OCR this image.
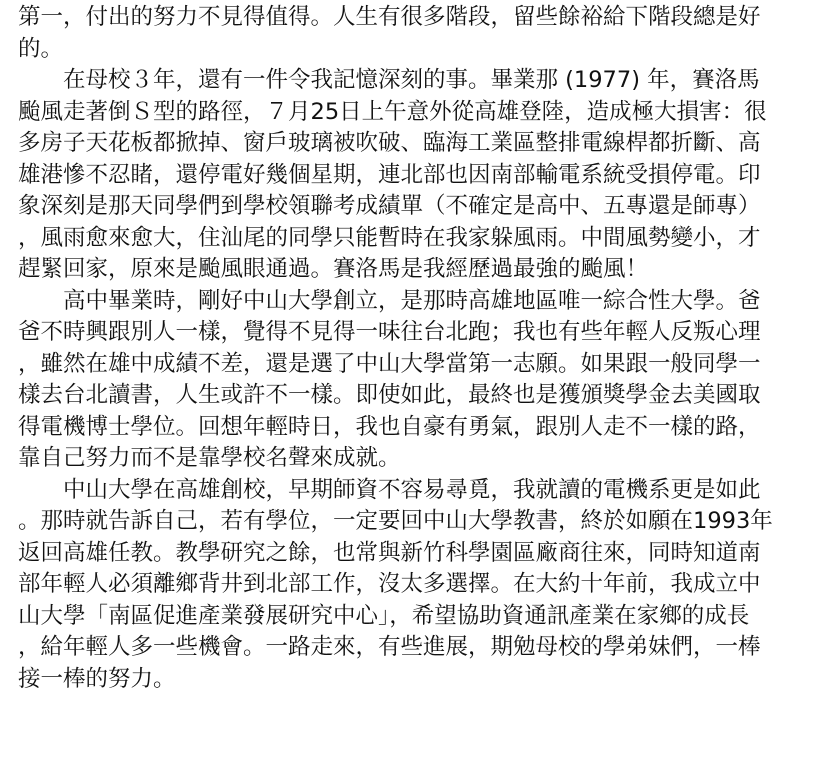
第一，付出的努力不見得值得。人生有很多階段，留些餘裕給下階段總是好
的。
在母校３年，還有一件令我記憶深刻的事。畢業那 (1977) 年，賽洛馬
颱風走著倒Ｓ型的路徑，７月25日上午意外從高雄登陸，造成極大損害：很
多房子天花板都掀掉、窗戶玻璃被吹破、臨海工業區整排電線桿都折斷、高
雄港慘不忍睹，還停電好幾個星期，連北部也因南部輸電系統受損停電。印
象深刻是那天同學們到學校領聯考成績單（不確定是高中、五專還是師專）
，風雨愈來愈大，住汕尾的同學只能暫時在我家躲風雨。中間風勢變小，才
趕緊回家，原來是颱風眼通過。賽洛馬是我經歷過最強的颱風！
高中畢業時，剛好中山大學創立，是那時高雄地區唯一綜合性大學。爸
爸不時興跟別人一樣，覺得不見得一味往台北跑；我也有些年輕人反叛心理
，雖然在雄中成績不差，還是選了中山大學當第一志願。如果跟一般同學一
樣去台北讀書，人生或許不一樣。即使如此，最終也是獲頒獎學金去美國取
得電機博士學位。回想年輕時日，我也自豪有勇氣，跟別人走不一樣的路，
靠自己努力而不是靠學校名聲來成就。
中山大學在高雄創校，早期師資不容易尋覓，我就讀的電機系更是如此
。那時就告訴自己，若有學位，一定要回中山大學教書，終於如願在1993年
返回高雄任教。教學研究之餘，也常與新竹科學園區廠商往來，同時知道南
部年輕人必須離鄉背井到北部工作，沒太多選擇。在大約十年前，我成立中
山大學「南區促進產業發展研究中心」，希望協助資通訊產業在家鄉的成長
，給年輕人多一些機會。一路走來，有些進展，期勉母校的學弟妹們，一棒
接一棒的努力。
